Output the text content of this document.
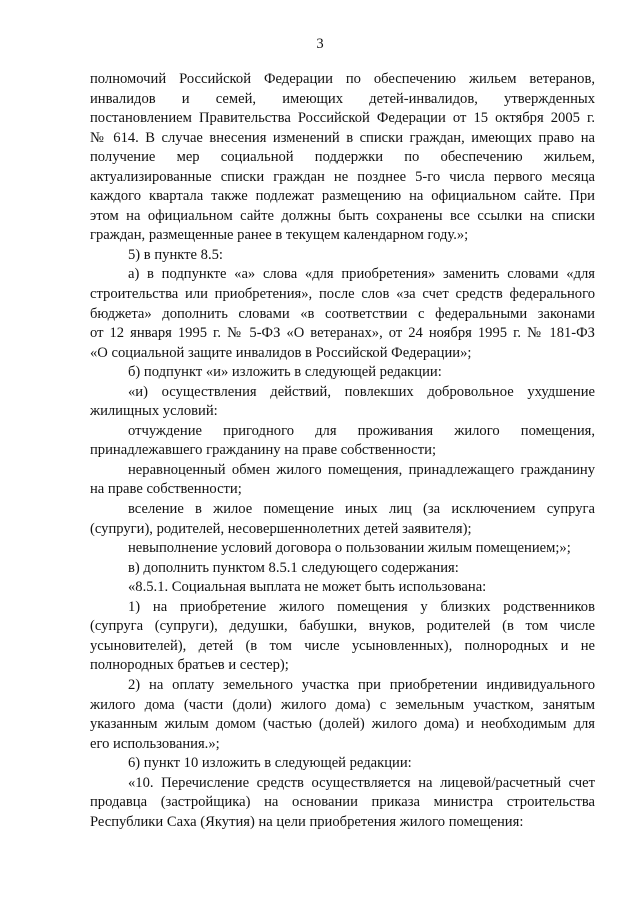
3
полномочий Российской Федерации по обеспечению жильем ветеранов,
инвалидов и семей, имеющих детей-инвалидов, утвержденных
постановлением Правительства Российской Федерации от 15 октября 2005 г.
№ 614. В случае внесения изменений в списки граждан, имеющих право на
получение мер социальной поддержки по обеспечению жильем,
актуализированные списки граждан не позднее 5-го числа первого месяца
каждого квартала также подлежат размещению на официальном сайте. При
этом на официальном сайте должны быть сохранены все ссылки на списки
граждан, размещенные ранее в текущем календарном году.»;
5) в пункте 8.5:
а) в подпункте «а» слова «для приобретения» заменить словами «для
строительства или приобретения», после слов «за счет средств федерального
бюджета» дополнить словами «в соответствии с федеральными законами
от 12 января 1995 г. № 5-ФЗ «О ветеранах», от 24 ноября 1995 г. № 181-ФЗ
«О социальной защите инвалидов в Российской Федерации»;
б) подпункт «и» изложить в следующей редакции:
«и) осуществления действий, повлекших добровольное ухудшение
жилищных условий:
отчуждение пригодного для проживания жилого помещения,
принадлежавшего гражданину на праве собственности;
неравноценный обмен жилого помещения, принадлежащего гражданину
на праве собственности;
вселение в жилое помещение иных лиц (за исключением супруга
(супруги), родителей, несовершеннолетних детей заявителя);
невыполнение условий договора о пользовании жилым помещением;»;
в) дополнить пунктом 8.5.1 следующего содержания:
«8.5.1. Социальная выплата не может быть использована:
1) на приобретение жилого помещения у близких родственников
(супруга (супруги), дедушки, бабушки, внуков, родителей (в том числе
усыновителей), детей (в том числе усыновленных), полнородных и не
полнородных братьев и сестер);
2) на оплату земельного участка при приобретении индивидуального
жилого дома (части (доли) жилого дома) с земельным участком, занятым
указанным жилым домом (частью (долей) жилого дома) и необходимым для
его использования.»;
6) пункт 10 изложить в следующей редакции:
«10. Перечисление средств осуществляется на лицевой/расчетный счет
продавца (застройщика) на основании приказа министра строительства
Республики Саха (Якутия) на цели приобретения жилого помещения:
